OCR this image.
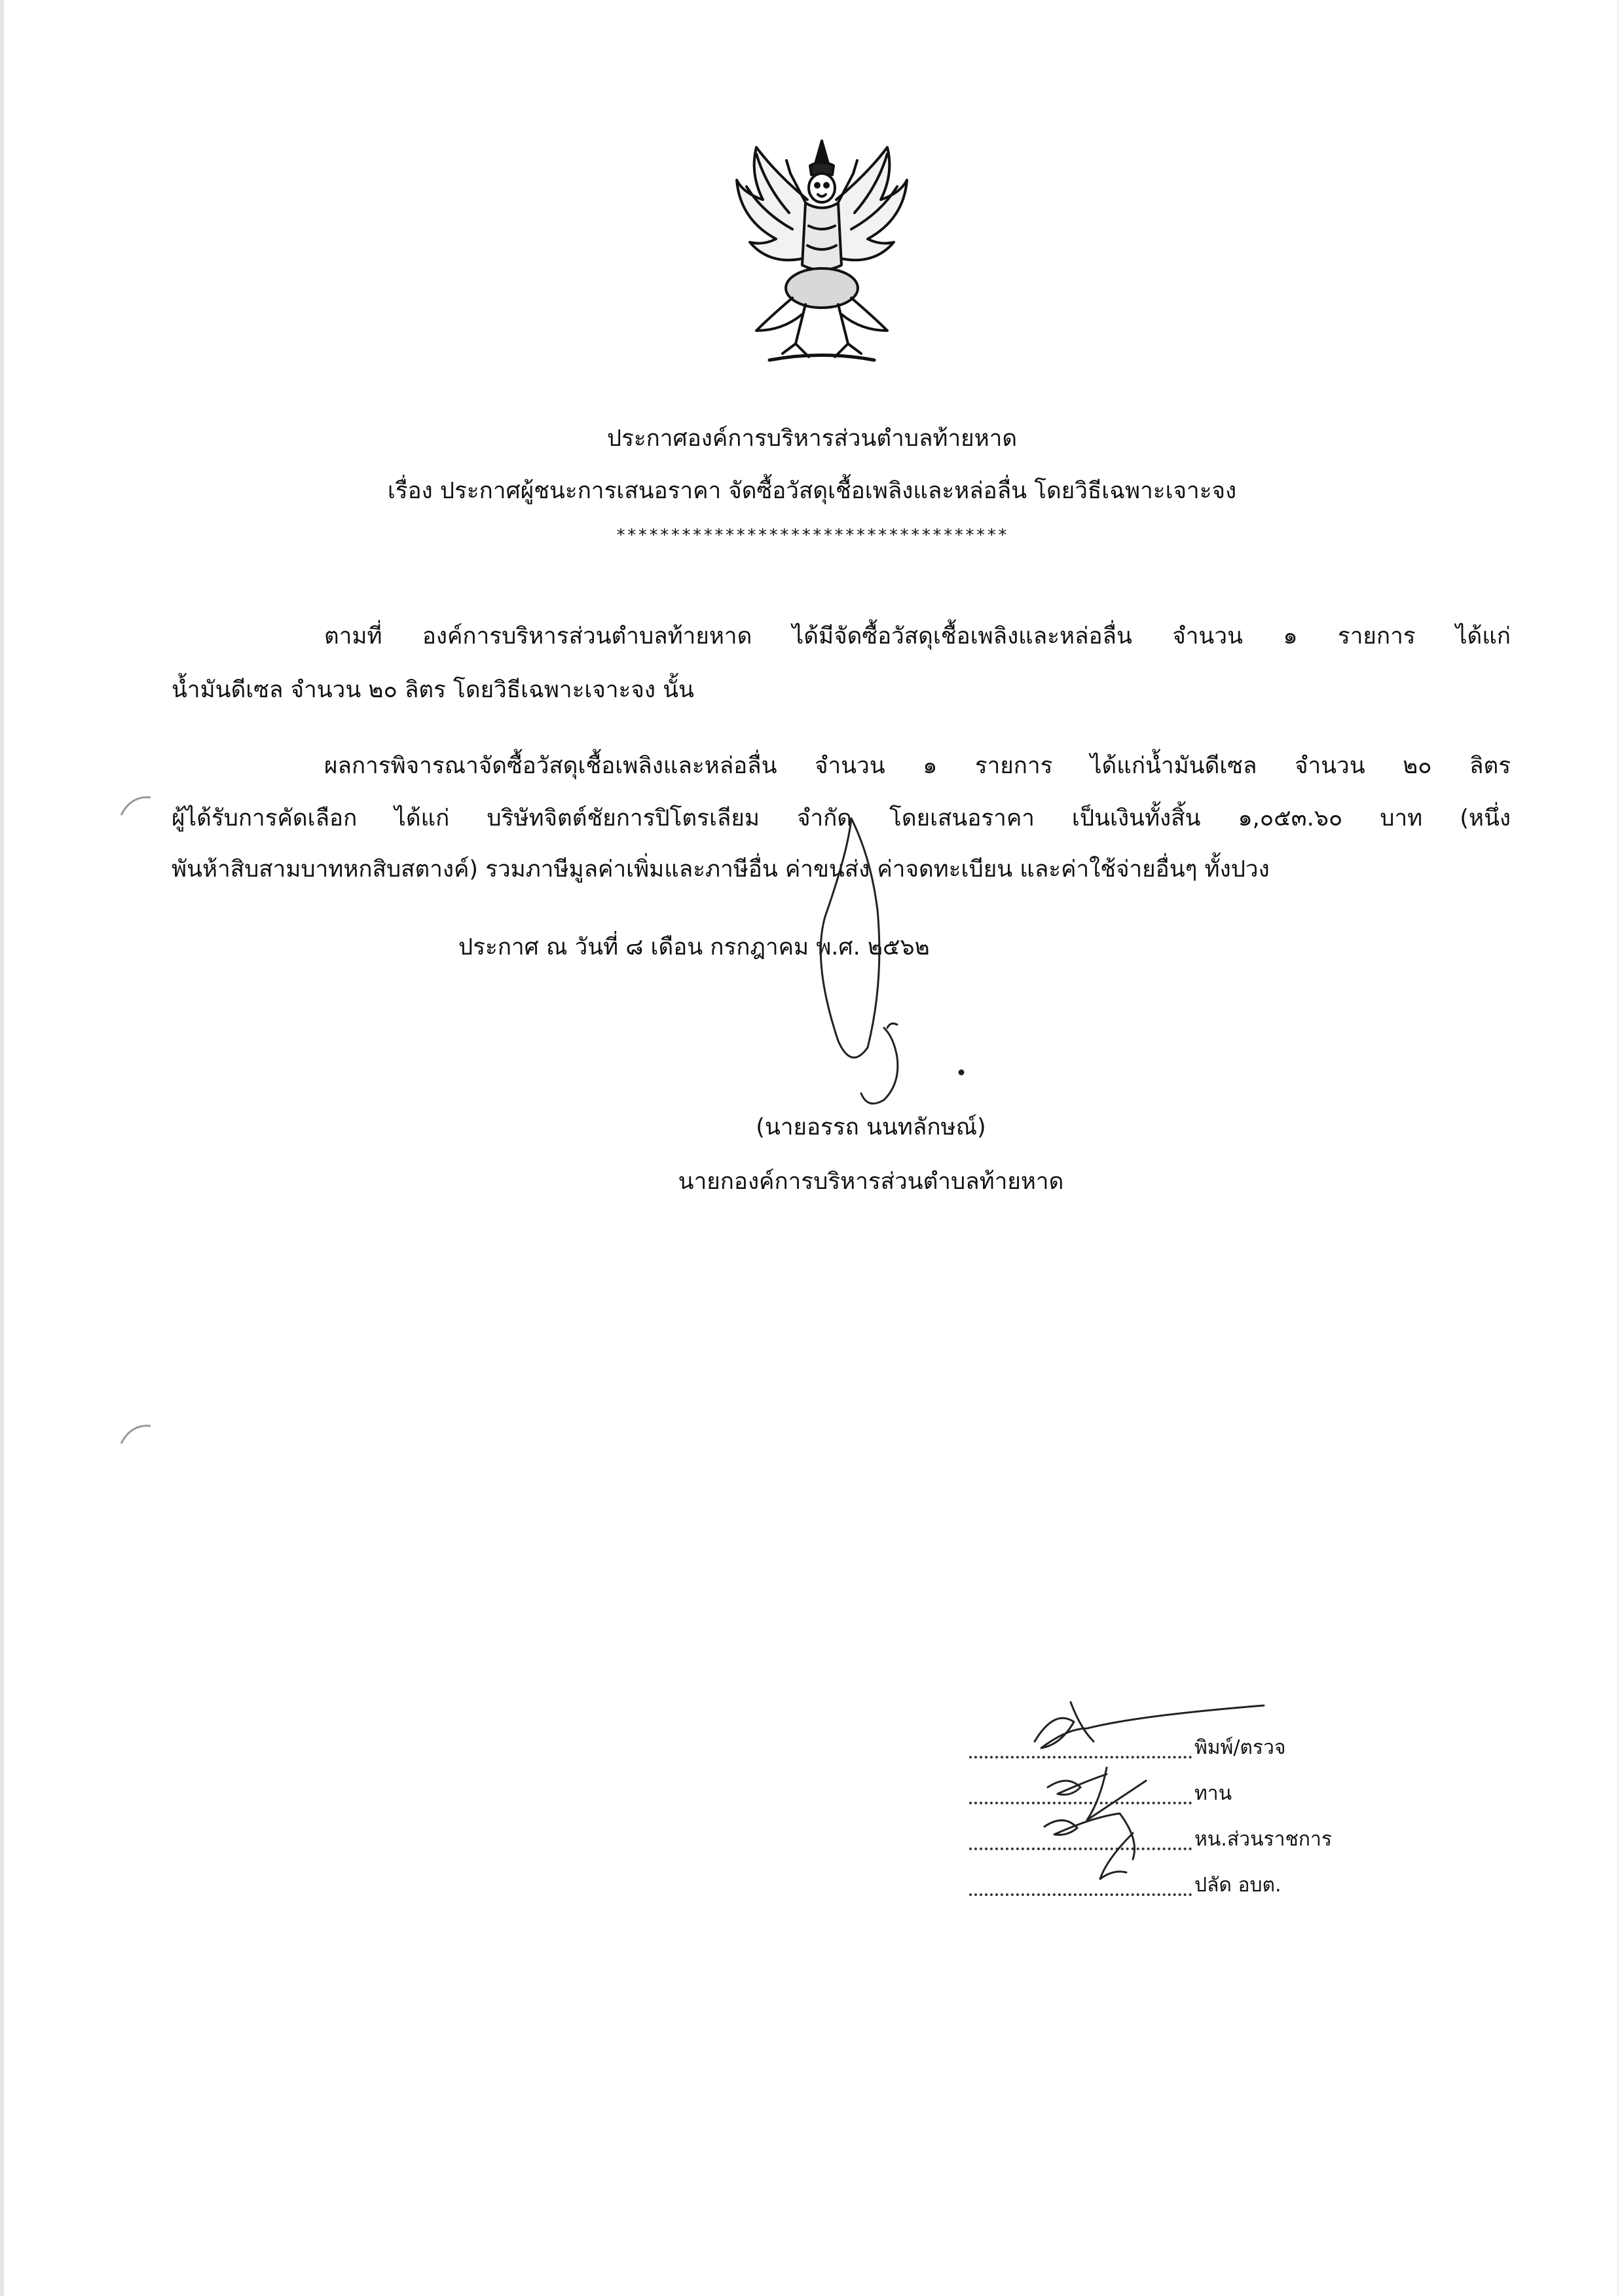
ประกาศองค์การบริหารส่วนตำบลท้ายหาด
เรื่อง ประกาศผู้ชนะการเสนอราคา จัดซื้อวัสดุเชื้อเพลิงและหล่อลื่น โดยวิธีเฉพาะเจาะจง
************************************
ตามที่ องค์การบริหารส่วนตำบลท้ายหาด ได้มีจัดซื้อวัสดุเชื้อเพลิงและหล่อลื่น จำนวน ๑ รายการ ได้แก่
น้ำมันดีเซล จำนวน ๒๐ ลิตร โดยวิธีเฉพาะเจาะจง นั้น
ผลการพิจารณาจัดซื้อวัสดุเชื้อเพลิงและหล่อลื่น จำนวน ๑ รายการ ได้แก่น้ำมันดีเซล จำนวน ๒๐ ลิตร
ผู้ได้รับการคัดเลือก ได้แก่ บริษัทจิตต์ชัยการปิโตรเลียม จำกัด โดยเสนอราคา เป็นเงินทั้งสิ้น ๑,๐๕๓.๖๐ บาท (หนึ่ง
พันห้าสิบสามบาทหกสิบสตางค์) รวมภาษีมูลค่าเพิ่มและภาษีอื่น ค่าขนส่ง ค่าจดทะเบียน และค่าใช้จ่ายอื่นๆ ทั้งปวง
ประกาศ ณ วันที่ ๘ เดือน กรกฎาคม พ.ศ. ๒๕๖๒
(นายอรรถ นนทลักษณ์)
นายกองค์การบริหารส่วนตำบลท้ายหาด
พิมพ์/ตรวจ
ทาน
หน.ส่วนราชการ
ปลัด อบต.
